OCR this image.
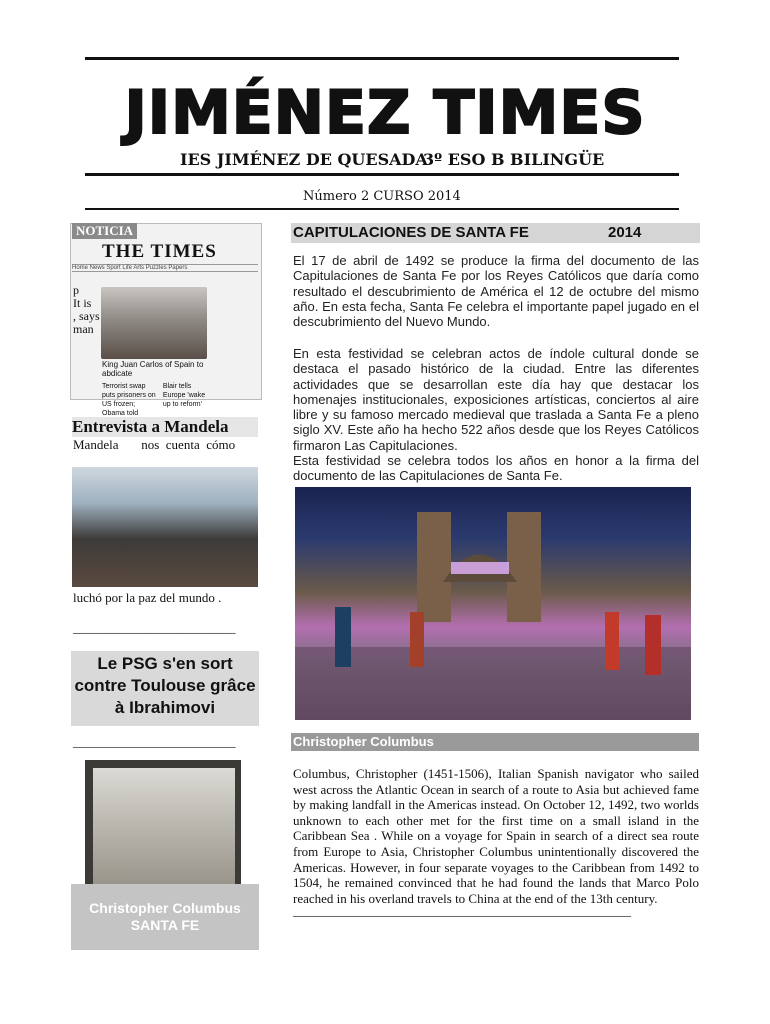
JIMÉNEZ TIMES
IES JIMÉNEZ DE QUESADA
3º ESO B BILINGÜE
Número 2 CURSO 2014
NOTICIA
THE TIMES
Home News Sport Life Arts Puzzles Papers
p
It is
, says
man
King Juan Carlos of Spain to abdicate
Terrorist swap puts prisoners on US frozen; Obama told
Blair tells Europe 'wake up to reform'
Entrevista a Mandela
Mandela       nos  cuenta  cómo
luchó por la paz del mundo .
_________________________
Le PSG s'en sort contre Toulouse grâce à Ibrahimovi
_________________________
Christopher Columbus
SANTA FE
CAPITULACIONES DE SANTA FE	2014
El 17 de abril de 1492 se produce la firma del documento de las Capitulaciones de Santa Fe por los Reyes Católicos que daría como resultado el descubrimiento de América el 12 de octubre del mismo año. En esta fecha, Santa Fe celebra el importante papel jugado en el descubrimiento del Nuevo Mundo.
En esta festividad se celebran actos de índole cultural donde se destaca el pasado histórico de la ciudad. Entre las diferentes actividades que se desarrollan este día hay que destacar los homenajes institucionales, exposiciones artísticas, conciertos al aire libre y su famoso mercado medieval que traslada a Santa Fe a pleno siglo XV. Este año ha hecho 522 años desde que los Reyes Católicos firmaron Las Capitulaciones.
Esta festividad se celebra todos los años en honor a la firma del documento de las Capitulaciones de Santa Fe.
Christopher Columbus
Columbus, Christopher (1451-1506), Italian Spanish navigator who sailed west across the Atlantic Ocean in search of a route to Asia but achieved fame by making landfall in the Americas instead. On October 12, 1492, two worlds unknown to each other met for the first time on a small island in the Caribbean Sea . While on a voyage for Spain in search of a direct sea route from Europe to Asia, Christopher Columbus unintentionally discovered the Americas. However, in four separate voyages to the Caribbean from 1492 to 1504, he remained convinced that he had found the lands that Marco Polo reached in his overland travels to China at the end of the 13th century.
____________________________________________________
